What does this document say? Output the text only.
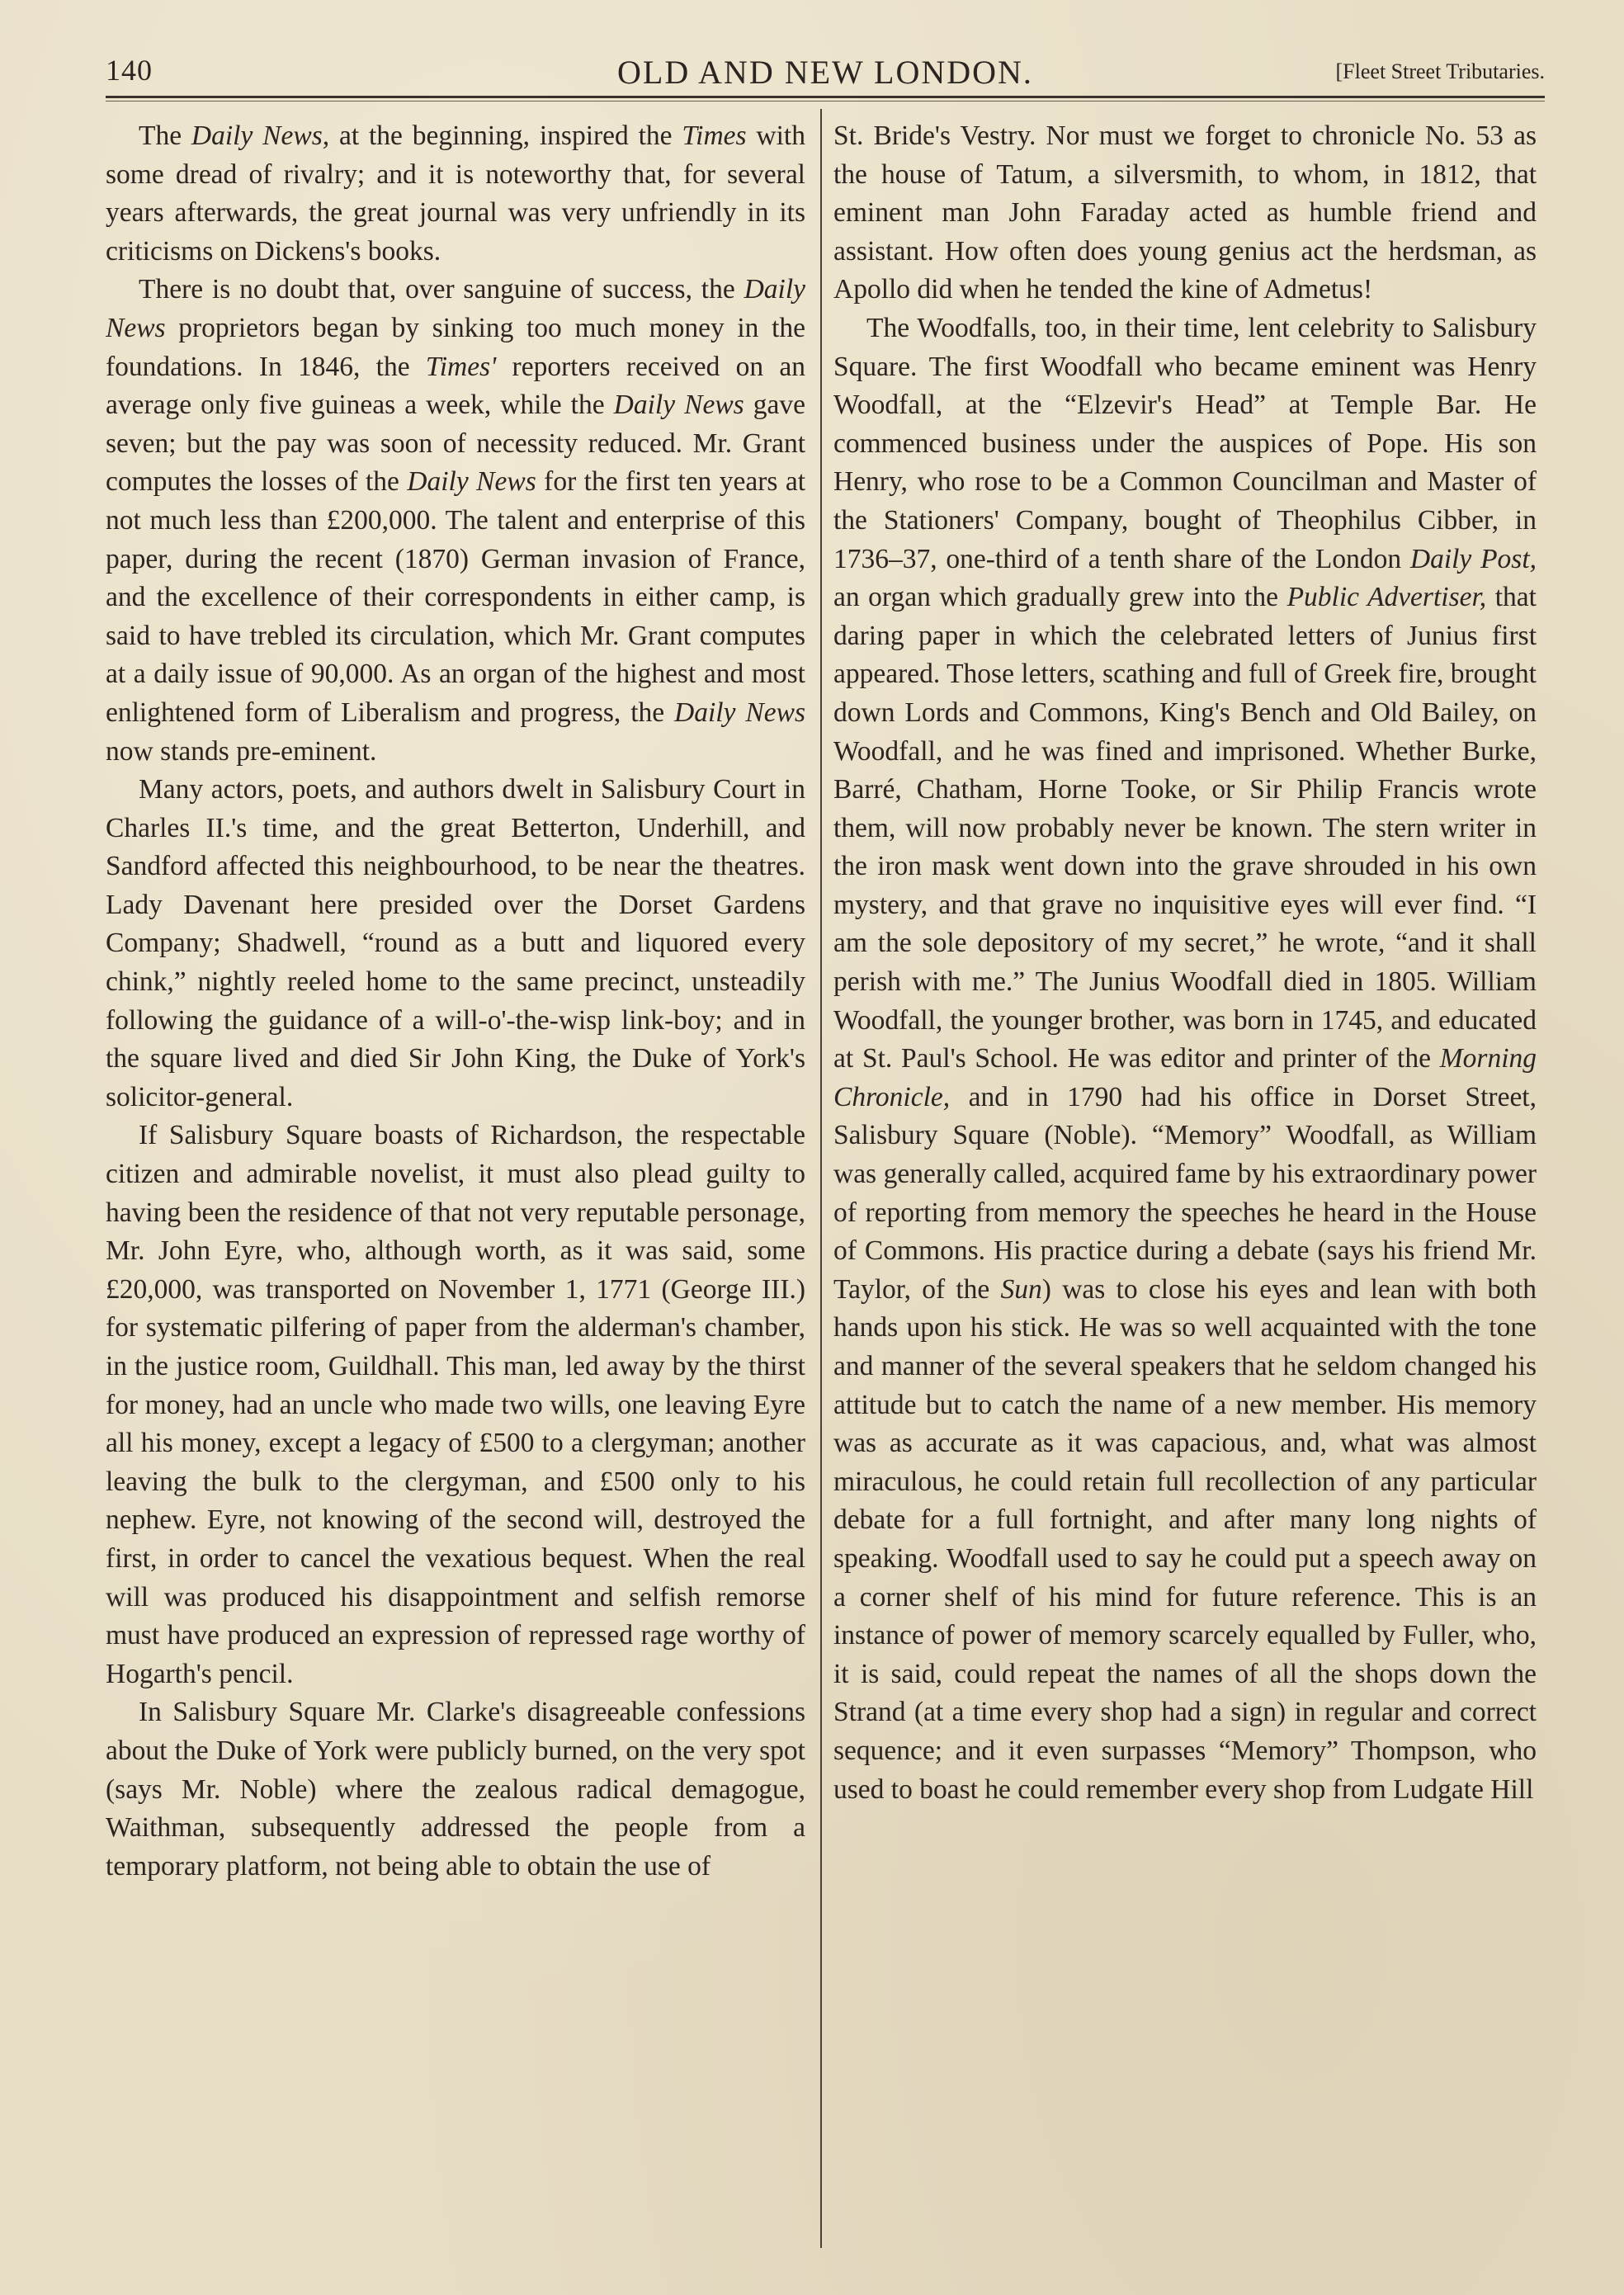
140	OLD AND NEW LONDON.	[Fleet Street Tributaries.

The Daily News, at the beginning, inspired the Times with some dread of rivalry; and it is noteworthy that, for several years afterwards, the great journal was very unfriendly in its criticisms on Dickens's books.

There is no doubt that, over sanguine of success, the Daily News proprietors began by sinking too much money in the foundations. In 1846, the Times' reporters received on an average only five guineas a week, while the Daily News gave seven; but the pay was soon of necessity reduced. Mr. Grant computes the losses of the Daily News for the first ten years at not much less than £200,000. The talent and enterprise of this paper, during the recent (1870) German invasion of France, and the excellence of their correspondents in either camp, is said to have trebled its circulation, which Mr. Grant computes at a daily issue of 90,000. As an organ of the highest and most enlightened form of Liberalism and progress, the Daily News now stands pre-eminent.

Many actors, poets, and authors dwelt in Salisbury Court in Charles II.'s time, and the great Betterton, Underhill, and Sandford affected this neighbourhood, to be near the theatres. Lady Davenant here presided over the Dorset Gardens Company; Shadwell, “round as a butt and liquored every chink,” nightly reeled home to the same precinct, unsteadily following the guidance of a will-o'-the-wisp link-boy; and in the square lived and died Sir John King, the Duke of York's solicitor-general.

If Salisbury Square boasts of Richardson, the respectable citizen and admirable novelist, it must also plead guilty to having been the residence of that not very reputable personage, Mr. John Eyre, who, although worth, as it was said, some £20,000, was transported on November 1, 1771 (George III.) for systematic pilfering of paper from the alderman's chamber, in the justice room, Guildhall. This man, led away by the thirst for money, had an uncle who made two wills, one leaving Eyre all his money, except a legacy of £500 to a clergyman; another leaving the bulk to the clergyman, and £500 only to his nephew. Eyre, not knowing of the second will, destroyed the first, in order to cancel the vexatious bequest. When the real will was produced his disappointment and selfish remorse must have produced an expression of repressed rage worthy of Hogarth's pencil.

In Salisbury Square Mr. Clarke's disagreeable confessions about the Duke of York were publicly burned, on the very spot (says Mr. Noble) where the zealous radical demagogue, Waithman, subsequently addressed the people from a temporary platform, not being able to obtain the use of

St. Bride's Vestry. Nor must we forget to chronicle No. 53 as the house of Tatum, a silversmith, to whom, in 1812, that eminent man John Faraday acted as humble friend and assistant. How often does young genius act the herdsman, as Apollo did when he tended the kine of Admetus!

The Woodfalls, too, in their time, lent celebrity to Salisbury Square. The first Woodfall who became eminent was Henry Woodfall, at the “Elzevir's Head” at Temple Bar. He commenced business under the auspices of Pope. His son Henry, who rose to be a Common Councilman and Master of the Stationers' Company, bought of Theophilus Cibber, in 1736–37, one-third of a tenth share of the London Daily Post, an organ which gradually grew into the Public Advertiser, that daring paper in which the celebrated letters of Junius first appeared. Those letters, scathing and full of Greek fire, brought down Lords and Commons, King's Bench and Old Bailey, on Woodfall, and he was fined and imprisoned. Whether Burke, Barré, Chatham, Horne Tooke, or Sir Philip Francis wrote them, will now probably never be known. The stern writer in the iron mask went down into the grave shrouded in his own mystery, and that grave no inquisitive eyes will ever find. “I am the sole depository of my secret,” he wrote, “and it shall perish with me.” The Junius Woodfall died in 1805. William Woodfall, the younger brother, was born in 1745, and educated at St. Paul's School. He was editor and printer of the Morning Chronicle, and in 1790 had his office in Dorset Street, Salisbury Square (Noble). “Memory” Woodfall, as William was generally called, acquired fame by his extraordinary power of reporting from memory the speeches he heard in the House of Commons. His practice during a debate (says his friend Mr. Taylor, of the Sun) was to close his eyes and lean with both hands upon his stick. He was so well acquainted with the tone and manner of the several speakers that he seldom changed his attitude but to catch the name of a new member. His memory was as accurate as it was capacious, and, what was almost miraculous, he could retain full recollection of any particular debate for a full fortnight, and after many long nights of speaking. Woodfall used to say he could put a speech away on a corner shelf of his mind for future reference. This is an instance of power of memory scarcely equalled by Fuller, who, it is said, could repeat the names of all the shops down the Strand (at a time every shop had a sign) in regular and correct sequence; and it even surpasses “Memory” Thompson, who used to boast he could remember every shop from Ludgate Hill
